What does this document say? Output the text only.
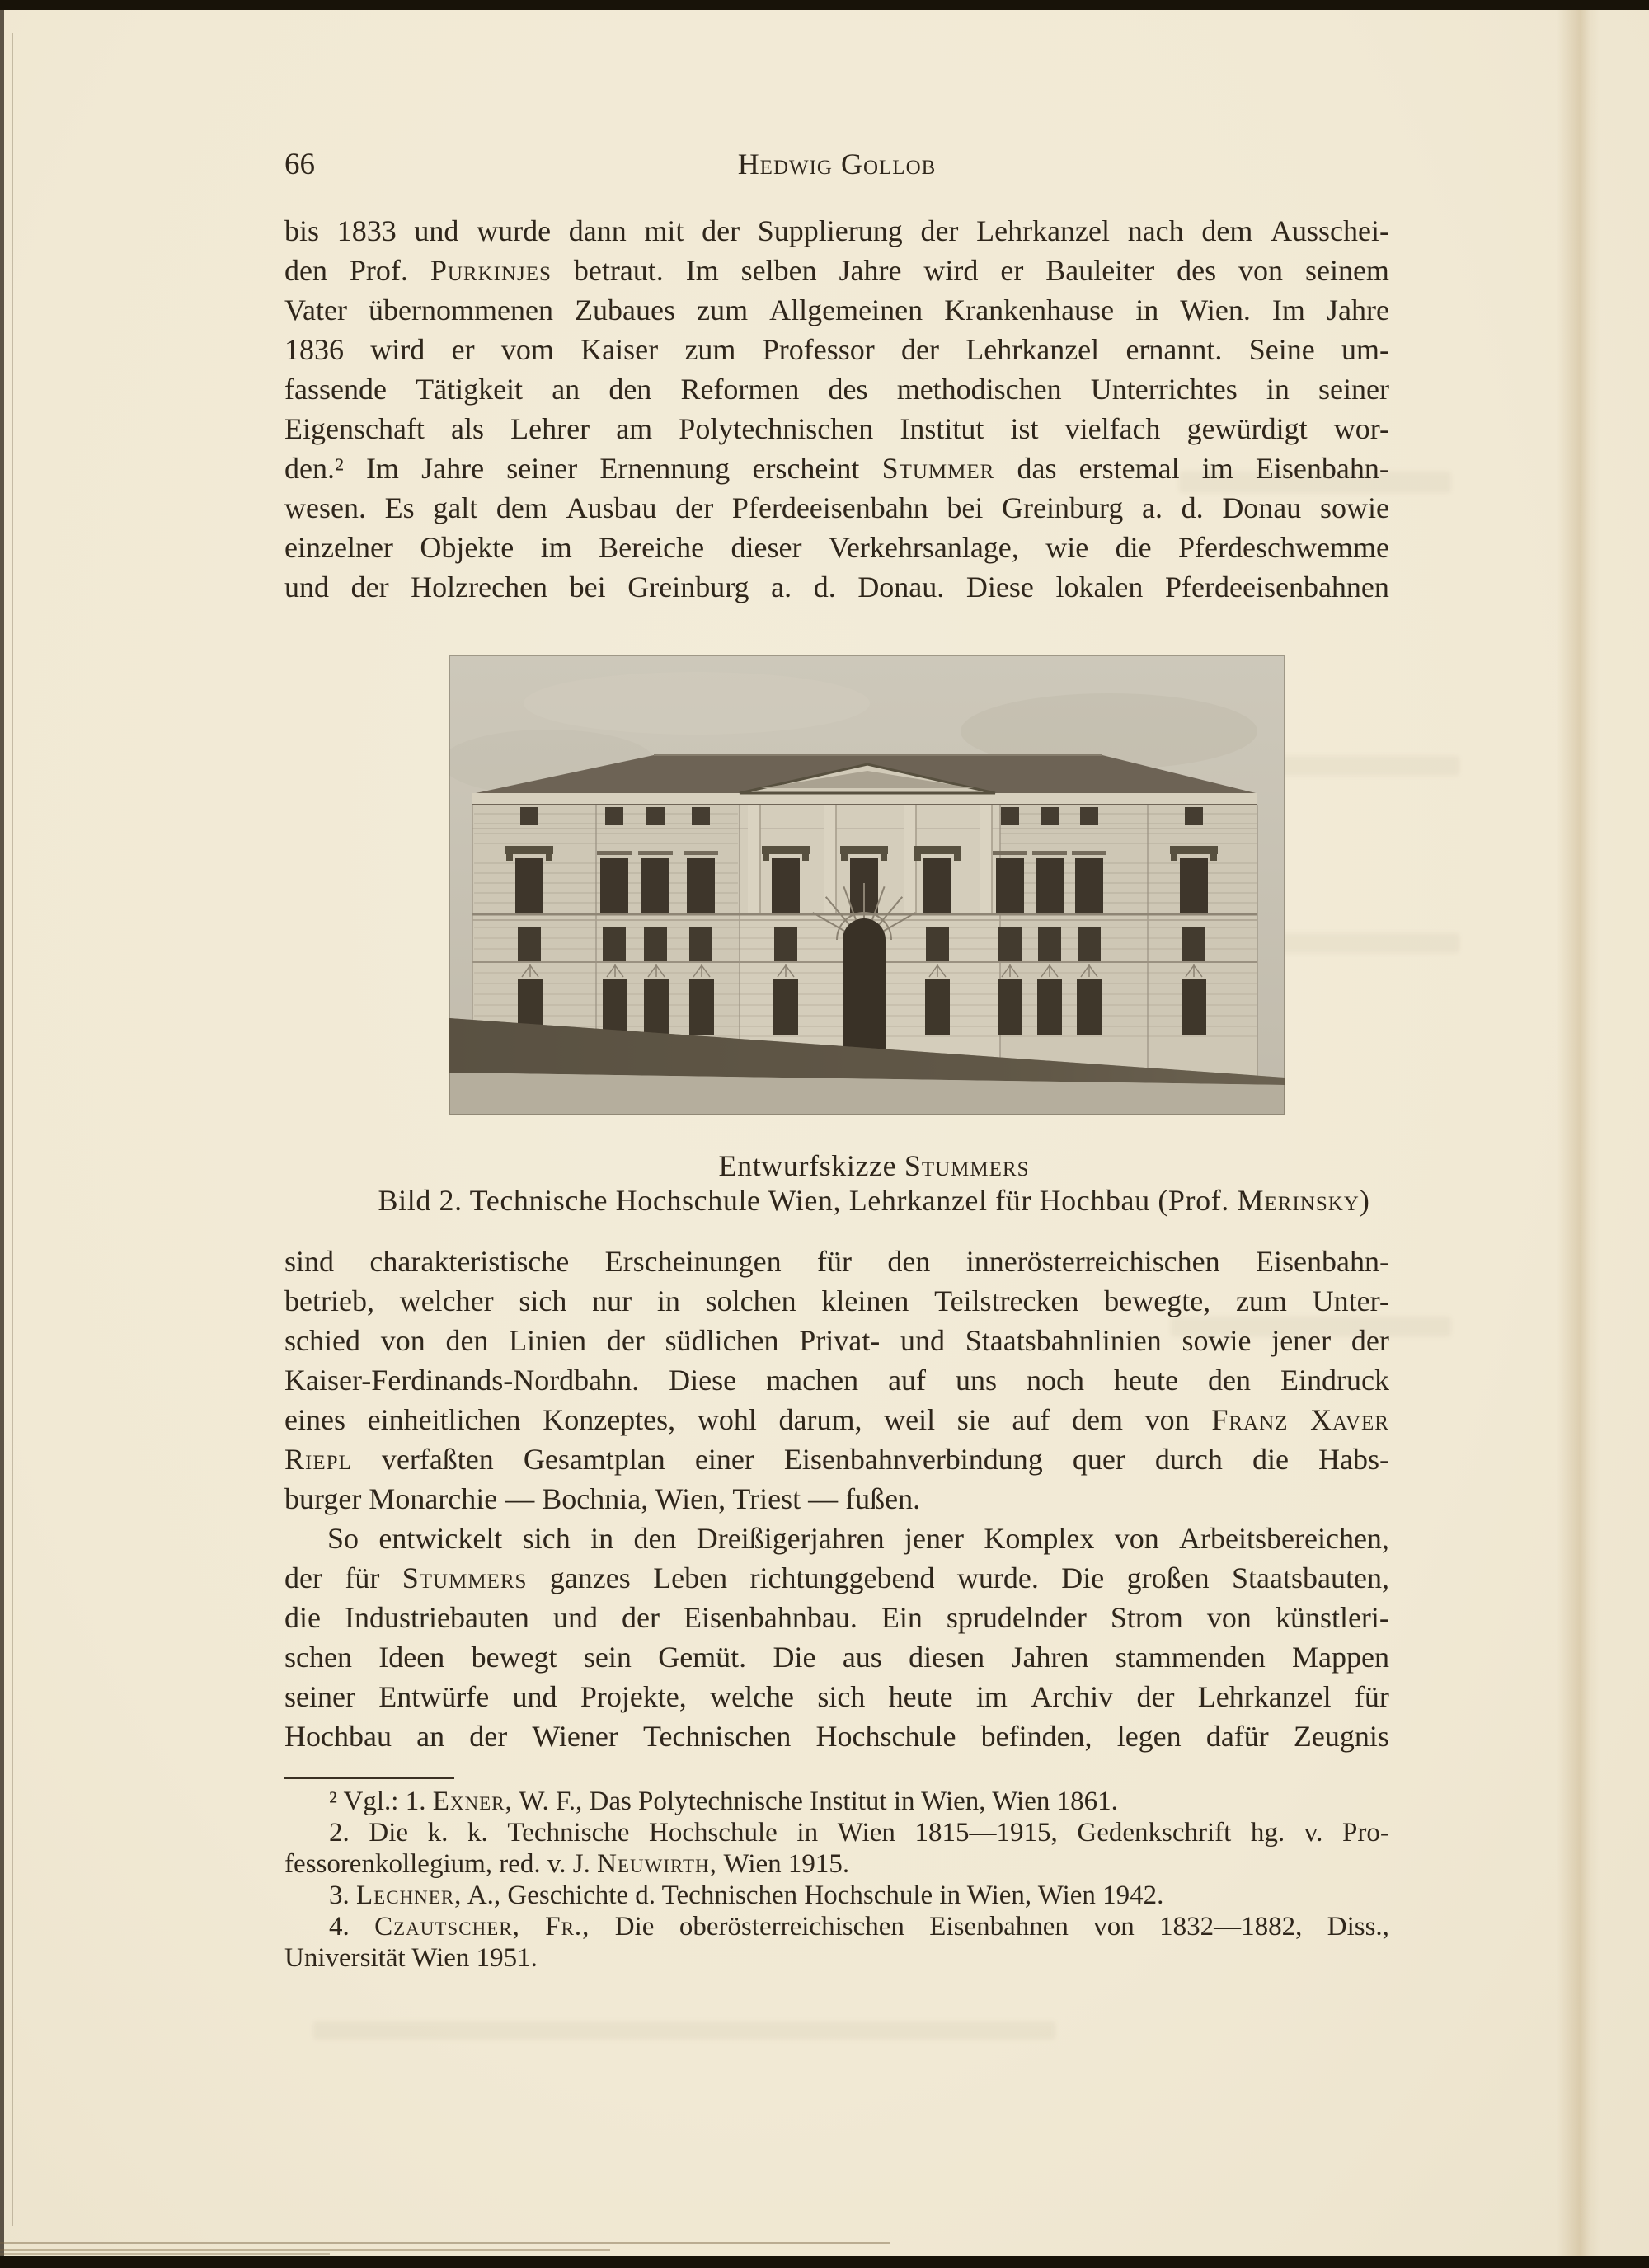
66	Hedwig Gollob
bis 1833 und wurde dann mit der Supplierung der Lehrkanzel nach dem Ausschei-
den Prof. Purkinjes betraut. Im selben Jahre wird er Bauleiter des von seinem
Vater übernommenen Zubaues zum Allgemeinen Krankenhause in Wien. Im Jahre
1836 wird er vom Kaiser zum Professor der Lehrkanzel ernannt. Seine um-
fassende Tätigkeit an den Reformen des methodischen Unterrichtes in seiner
Eigenschaft als Lehrer am Polytechnischen Institut ist vielfach gewürdigt wor-
den.² Im Jahre seiner Ernennung erscheint Stummer das erstemal im Eisenbahn-
wesen. Es galt dem Ausbau der Pferdeeisenbahn bei Greinburg a. d. Donau sowie
einzelner Objekte im Bereiche dieser Verkehrsanlage, wie die Pferdeschwemme
und der Holzrechen bei Greinburg a. d. Donau. Diese lokalen Pferdeeisenbahnen
Entwurfskizze Stummers
Bild 2. Technische Hochschule Wien, Lehrkanzel für Hochbau (Prof. Merinsky)
sind charakteristische Erscheinungen für den innerösterreichischen Eisenbahn-
betrieb, welcher sich nur in solchen kleinen Teilstrecken bewegte, zum Unter-
schied von den Linien der südlichen Privat- und Staatsbahnlinien sowie jener der
Kaiser-Ferdinands-Nordbahn. Diese machen auf uns noch heute den Eindruck
eines einheitlichen Konzeptes, wohl darum, weil sie auf dem von Franz Xaver
Riepl verfaßten Gesamtplan einer Eisenbahnverbindung quer durch die Habs-
burger Monarchie — Bochnia, Wien, Triest — fußen.
So entwickelt sich in den Dreißigerjahren jener Komplex von Arbeitsbereichen,
der für Stummers ganzes Leben richtunggebend wurde. Die großen Staatsbauten,
die Industriebauten und der Eisenbahnbau. Ein sprudelnder Strom von künstleri-
schen Ideen bewegt sein Gemüt. Die aus diesen Jahren stammenden Mappen
seiner Entwürfe und Projekte, welche sich heute im Archiv der Lehrkanzel für
Hochbau an der Wiener Technischen Hochschule befinden, legen dafür Zeugnis
² Vgl.: 1. Exner, W. F., Das Polytechnische Institut in Wien, Wien 1861.
2. Die k. k. Technische Hochschule in Wien 1815—1915, Gedenkschrift hg. v. Pro-
fessorenkollegium, red. v. J. Neuwirth, Wien 1915.
3. Lechner, A., Geschichte d. Technischen Hochschule in Wien, Wien 1942.
4. Czautscher, Fr., Die oberösterreichischen Eisenbahnen von 1832—1882, Diss.,
Universität Wien 1951.
